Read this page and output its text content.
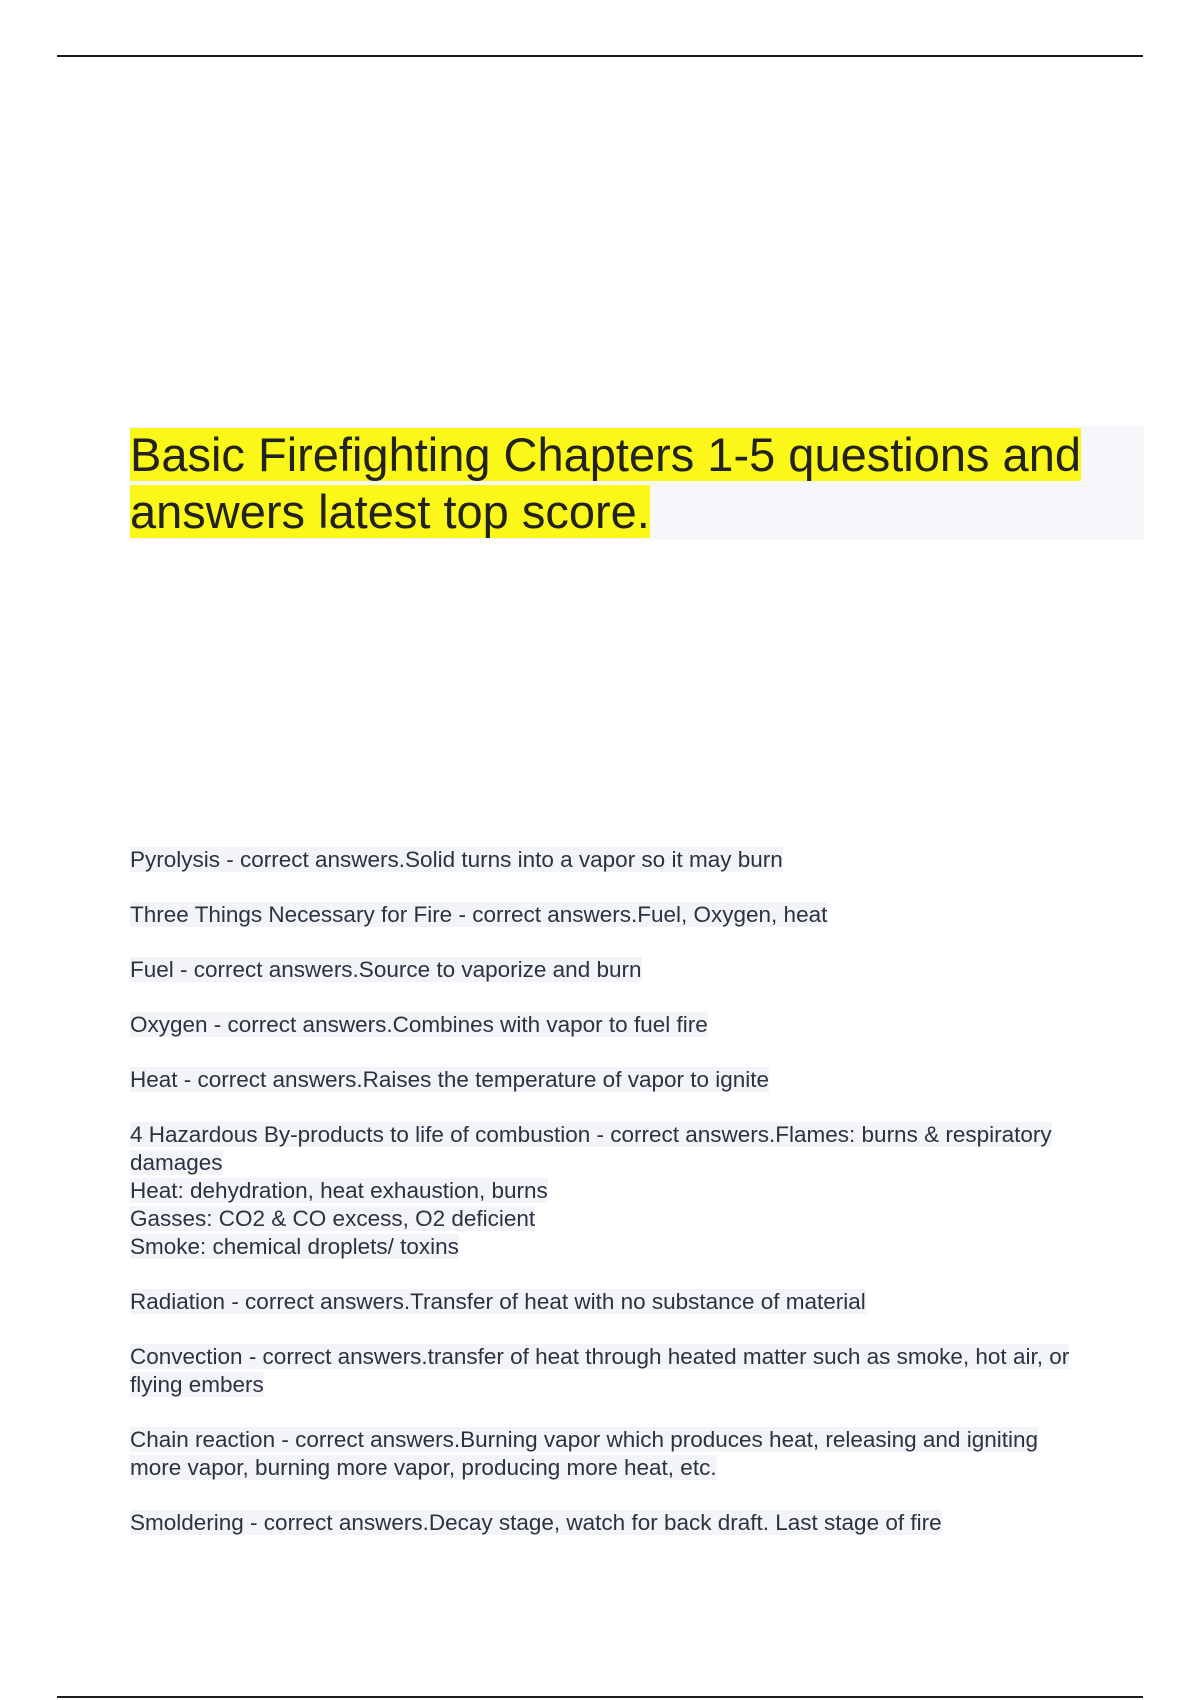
Basic Firefighting Chapters 1-5 questions and answers latest top score.
Pyrolysis - correct answers.Solid turns into a vapor so it may burn
Three Things Necessary for Fire - correct answers.Fuel, Oxygen, heat
Fuel - correct answers.Source to vaporize and burn
Oxygen - correct answers.Combines with vapor to fuel fire
Heat - correct answers.Raises the temperature of vapor to ignite
4 Hazardous By-products to life of combustion - correct answers.Flames: burns & respiratory
damages
Heat: dehydration, heat exhaustion, burns
Gasses: CO2 & CO excess, O2 deficient
Smoke: chemical droplets/ toxins
Radiation - correct answers.Transfer of heat with no substance of material
Convection - correct answers.transfer of heat through heated matter such as smoke, hot air, or
flying embers
Chain reaction - correct answers.Burning vapor which produces heat, releasing and igniting
more vapor, burning more vapor, producing more heat, etc.
Smoldering - correct answers.Decay stage, watch for back draft. Last stage of fire
